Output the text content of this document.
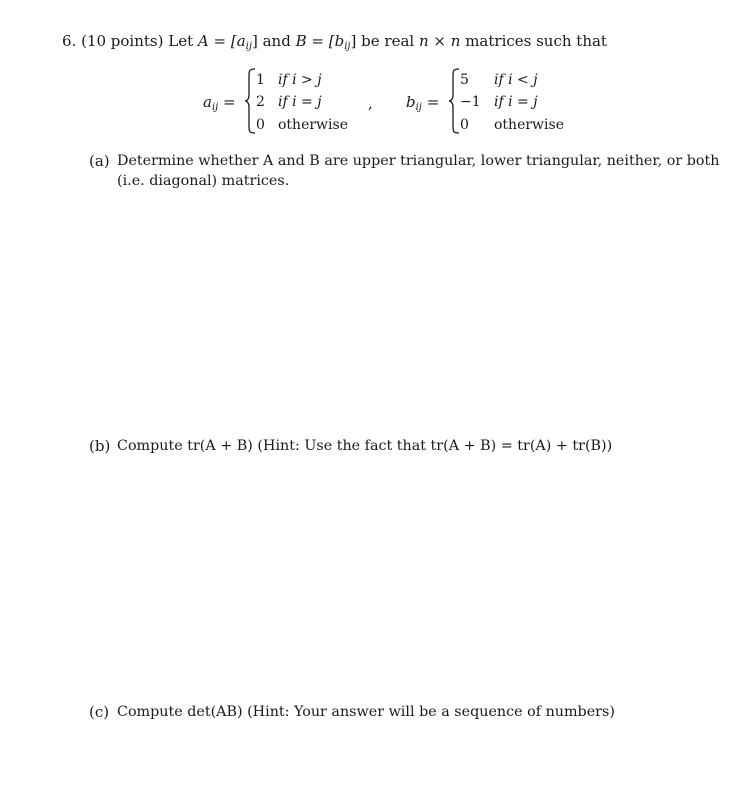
6. (10 points) Let $A = [a_{ij}]$ and $B = [b_{ij}]$ be real n × n matrices such that
$a_{ij}$ =
1 if i > j
2 if i = j
0 otherwise
, $b_{ij}$ =
5 if i < j
−1 if i = j
0 otherwise
(a) Determine whether A and B are upper triangular, lower triangular, neither, or both
(i.e. diagonal) matrices.
(b) Compute tr(A + B) (Hint: Use the fact that tr(A + B) = tr(A) + tr(B))
(c) Compute det(AB) (Hint: Your answer will be a sequence of numbers)
